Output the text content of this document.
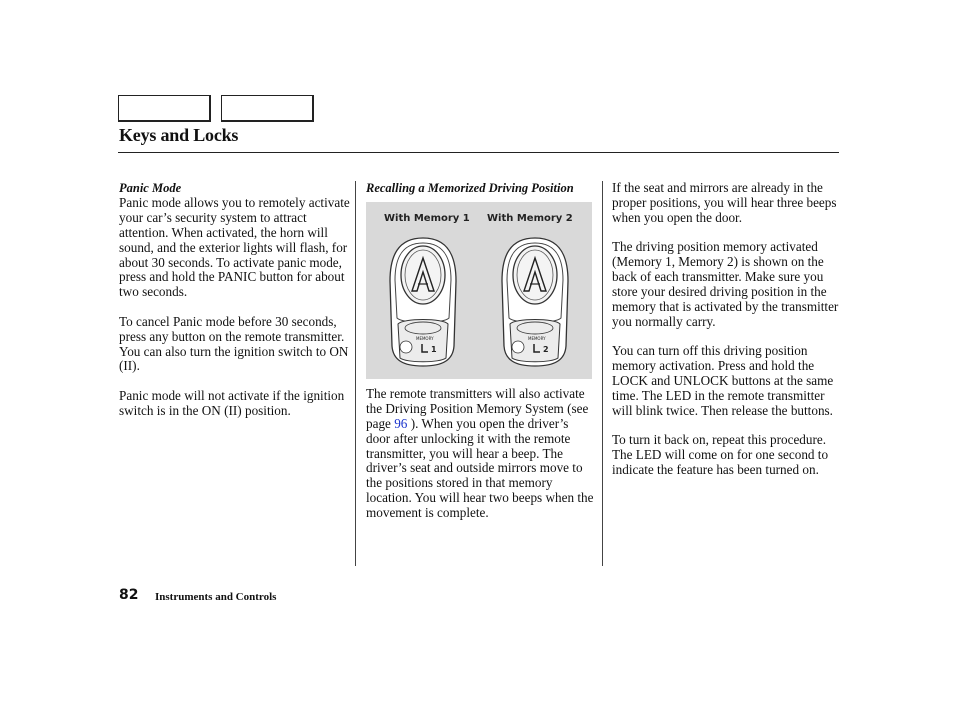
Keys and Locks
Panic Mode

Panic mode allows you to remotely activate your car’s security system to attract attention. When activated, the horn will sound, and the exterior lights will flash, for about 30 seconds. To activate panic mode, press and hold the PANIC button for about two seconds.

To cancel Panic mode before 30 seconds, press any button on the remote transmitter. You can also turn the ignition switch to ON (II).

Panic mode will not activate if the ignition switch is in the ON (II) position.

Recalling a Memorized Driving Position
With Memory 1 With Memory 2
MEMORY
1
MEMORY
2

The remote transmitters will also activate the Driving Position Memory System (see page 96 ). When you open the driver’s door after unlocking it with the remote transmitter, you will hear a beep. The driver’s seat and outside mirrors move to the positions stored in that memory location. You will hear two beeps when the movement is complete.

If the seat and mirrors are already in the proper positions, you will hear three beeps when you open the door.

The driving position memory activated (Memory 1, Memory 2) is shown on the back of each transmitter. Make sure you store your desired driving position in the memory that is activated by the transmitter you normally carry.

You can turn off this driving position memory activation. Press and hold the LOCK and UNLOCK buttons at the same time. The LED in the remote transmitter will blink twice. Then release the buttons.

To turn it back on, repeat this procedure. The LED will come on for one second to indicate the feature has been turned on.

82 Instruments and Controls
